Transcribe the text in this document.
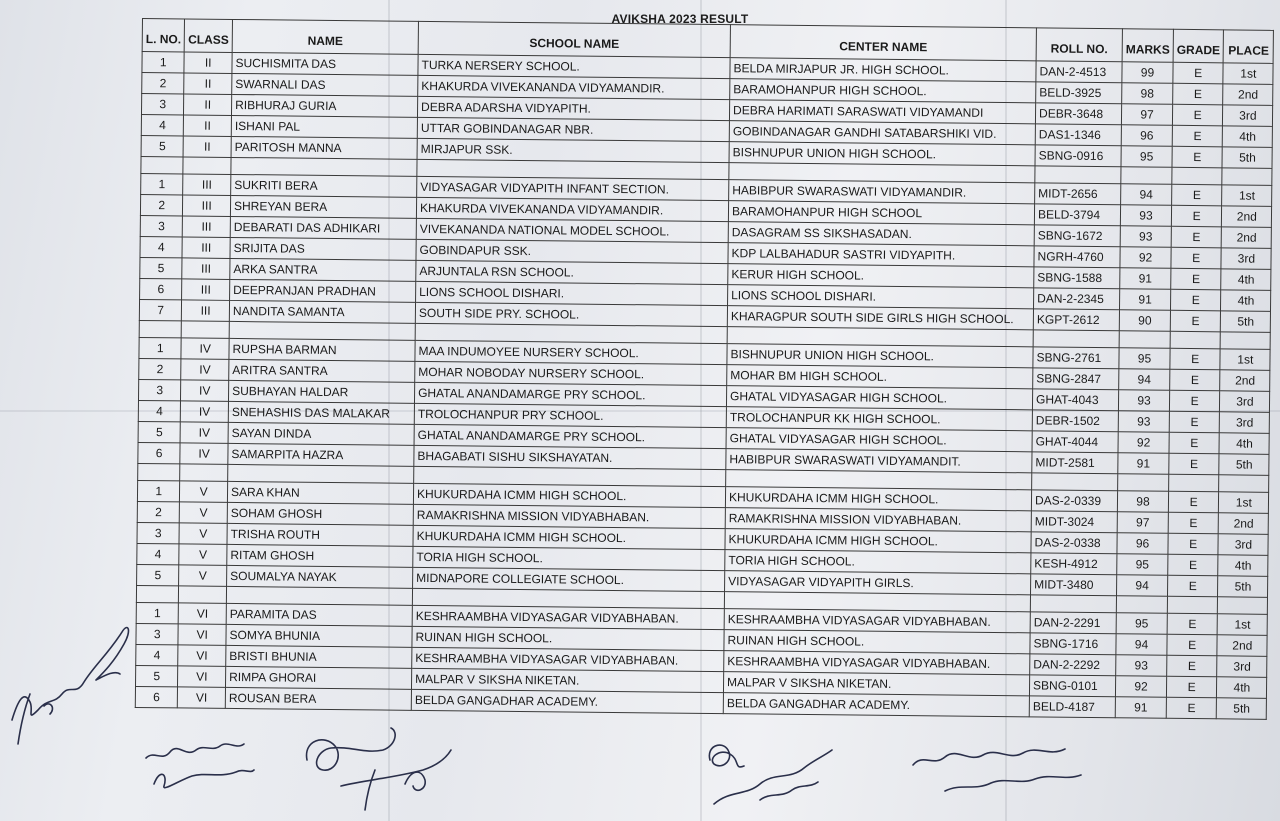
AVIKSHA 2023 RESULT
L. NO.	CLASS	NAME	SCHOOL NAME	CENTER NAME	ROLL NO.	MARKS	GRADE	PLACE
1	II	SUCHISMITA DAS	TURKA NERSERY SCHOOL.	BELDA MIRJAPUR JR. HIGH SCHOOL.	DAN-2-4513	99	E	1st
2	II	SWARNALI DAS	KHAKURDA VIVEKANANDA VIDYAMANDIR.	BARAMOHANPUR HIGH SCHOOL.	BELD-3925	98	E	2nd
3	II	RIBHURAJ GURIA	DEBRA ADARSHA VIDYAPITH.	DEBRA HARIMATI SARASWATI VIDYAMANDI	DEBR-3648	97	E	3rd
4	II	ISHANI PAL	UTTAR GOBINDANAGAR NBR.	GOBINDANAGAR GANDHI SATABARSHIKI VID.	DAS1-1346	96	E	4th
5	II	PARITOSH MANNA	MIRJAPUR SSK.	BISHNUPUR UNION HIGH SCHOOL.	SBNG-0916	95	E	5th

1	III	SUKRITI BERA	VIDYASAGAR VIDYAPITH INFANT SECTION.	HABIBPUR SWARASWATI VIDYAMANDIR.	MIDT-2656	94	E	1st
2	III	SHREYAN BERA	KHAKURDA VIVEKANANDA VIDYAMANDIR.	BARAMOHANPUR HIGH SCHOOL	BELD-3794	93	E	2nd
3	III	DEBARATI DAS ADHIKARI	VIVEKANANDA NATIONAL MODEL SCHOOL.	DASAGRAM SS SIKSHASADAN.	SBNG-1672	93	E	2nd
4	III	SRIJITA DAS	GOBINDAPUR SSK.	KDP LALBAHADUR SASTRI VIDYAPITH.	NGRH-4760	92	E	3rd
5	III	ARKA SANTRA	ARJUNTALA RSN SCHOOL.	KERUR HIGH SCHOOL.	SBNG-1588	91	E	4th
6	III	DEEPRANJAN PRADHAN	LIONS SCHOOL DISHARI.	LIONS SCHOOL DISHARI.	DAN-2-2345	91	E	4th
7	III	NANDITA SAMANTA	SOUTH SIDE PRY. SCHOOL.	KHARAGPUR SOUTH SIDE GIRLS HIGH SCHOOL.	KGPT-2612	90	E	5th

1	IV	RUPSHA BARMAN	MAA INDUMOYEE NURSERY SCHOOL.	BISHNUPUR UNION HIGH SCHOOL.	SBNG-2761	95	E	1st
2	IV	ARITRA SANTRA	MOHAR NOBODAY NURSERY SCHOOL.	MOHAR BM HIGH SCHOOL.	SBNG-2847	94	E	2nd
3	IV	SUBHAYAN HALDAR	GHATAL ANANDAMARGE PRY SCHOOL.	GHATAL VIDYASAGAR HIGH SCHOOL.	GHAT-4043	93	E	3rd
4	IV	SNEHASHIS DAS MALAKAR	TROLOCHANPUR PRY SCHOOL.	TROLOCHANPUR KK HIGH SCHOOL.	DEBR-1502	93	E	3rd
5	IV	SAYAN DINDA	GHATAL ANANDAMARGE PRY SCHOOL.	GHATAL VIDYASAGAR HIGH SCHOOL.	GHAT-4044	92	E	4th
6	IV	SAMARPITA HAZRA	BHAGABATI SISHU SIKSHAYATAN.	HABIBPUR SWARASWATI VIDYAMANDIT.	MIDT-2581	91	E	5th

1	V	SARA KHAN	KHUKURDAHA ICMM HIGH SCHOOL.	KHUKURDAHA ICMM HIGH SCHOOL.	DAS-2-0339	98	E	1st
2	V	SOHAM GHOSH	RAMAKRISHNA MISSION VIDYABHABAN.	RAMAKRISHNA MISSION VIDYABHABAN.	MIDT-3024	97	E	2nd
3	V	TRISHA ROUTH	KHUKURDAHA ICMM HIGH SCHOOL.	KHUKURDAHA ICMM HIGH SCHOOL.	DAS-2-0338	96	E	3rd
4	V	RITAM GHOSH	TORIA HIGH SCHOOL.	TORIA HIGH SCHOOL.	KESH-4912	95	E	4th
5	V	SOUMALYA NAYAK	MIDNAPORE COLLEGIATE SCHOOL.	VIDYASAGAR VIDYAPITH GIRLS.	MIDT-3480	94	E	5th

1	VI	PARAMITA DAS	KESHRAAMBHA VIDYASAGAR VIDYABHABAN.	KESHRAAMBHA VIDYASAGAR VIDYABHABAN.	DAN-2-2291	95	E	1st
3	VI	SOMYA BHUNIA	RUINAN HIGH SCHOOL.	RUINAN HIGH SCHOOL.	SBNG-1716	94	E	2nd
4	VI	BRISTI BHUNIA	KESHRAAMBHA VIDYASAGAR VIDYABHABAN.	KESHRAAMBHA VIDYASAGAR VIDYABHABAN.	DAN-2-2292	93	E	3rd
5	VI	RIMPA GHORAI	MALPAR V SIKSHA NIKETAN.	MALPAR V SIKSHA NIKETAN.	SBNG-0101	92	E	4th
6	VI	ROUSAN BERA	BELDA GANGADHAR ACADEMY.	BELDA GANGADHAR ACADEMY.	BELD-4187	91	E	5th
